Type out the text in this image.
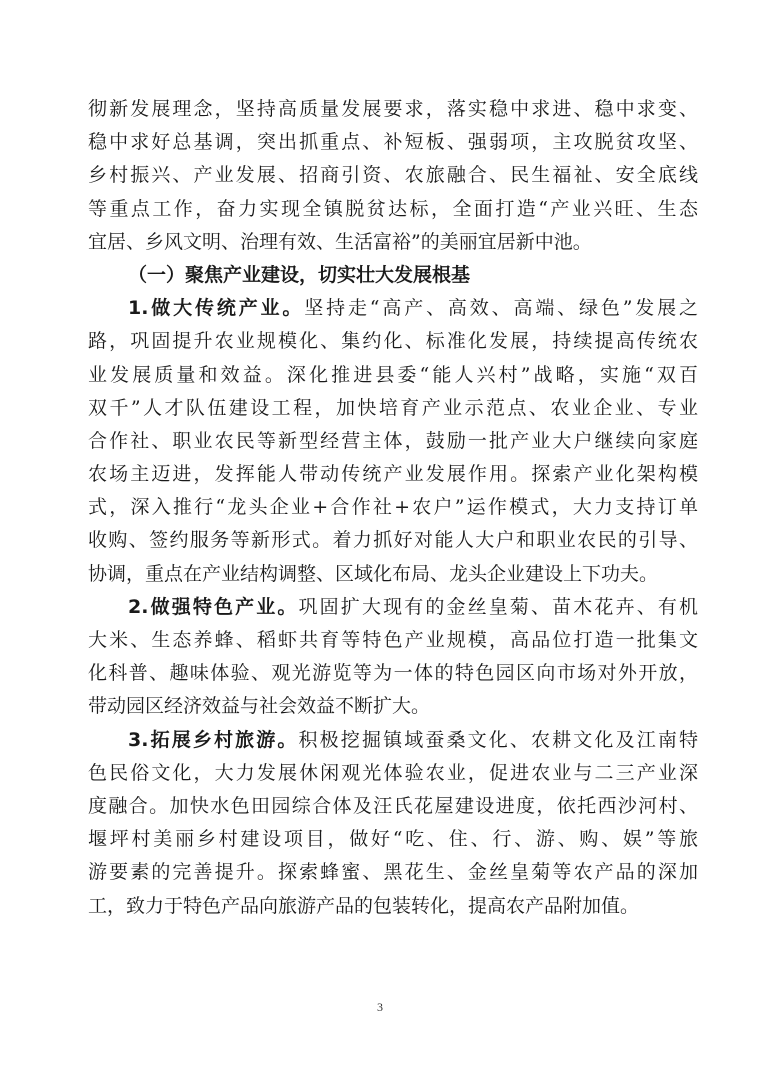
彻新发展理念，坚持高质量发展要求，落实稳中求进、稳中求变、
稳中求好总基调，突出抓重点、补短板、强弱项，主攻脱贫攻坚、
乡村振兴、产业发展、招商引资、农旅融合、民生福祉、安全底线
等重点工作，奋力实现全镇脱贫达标，全面打造“产业兴旺、生态
宜居、乡风文明、治理有效、生活富裕”的美丽宜居新中池。
（一）聚焦产业建设，切实壮大发展根基
1.做大传统产业。坚持走“高产、高效、高端、绿色”发展之
路，巩固提升农业规模化、集约化、标准化发展，持续提高传统农
业发展质量和效益。深化推进县委“能人兴村”战略，实施“双百
双千”人才队伍建设工程，加快培育产业示范点、农业企业、专业
合作社、职业农民等新型经营主体，鼓励一批产业大户继续向家庭
农场主迈进，发挥能人带动传统产业发展作用。探索产业化架构模
式，深入推行“龙头企业+合作社+农户”运作模式，大力支持订单
收购、签约服务等新形式。着力抓好对能人大户和职业农民的引导、
协调，重点在产业结构调整、区域化布局、龙头企业建设上下功夫。
2.做强特色产业。巩固扩大现有的金丝皇菊、苗木花卉、有机
大米、生态养蜂、稻虾共育等特色产业规模，高品位打造一批集文
化科普、趣味体验、观光游览等为一体的特色园区向市场对外开放，
带动园区经济效益与社会效益不断扩大。
3.拓展乡村旅游。积极挖掘镇域蚕桑文化、农耕文化及江南特
色民俗文化，大力发展休闲观光体验农业，促进农业与二三产业深
度融合。加快水色田园综合体及汪氏花屋建设进度，依托西沙河村、
堰坪村美丽乡村建设项目，做好“吃、住、行、游、购、娱”等旅
游要素的完善提升。探索蜂蜜、黑花生、金丝皇菊等农产品的深加
工，致力于特色产品向旅游产品的包装转化，提高农产品附加值。
3
